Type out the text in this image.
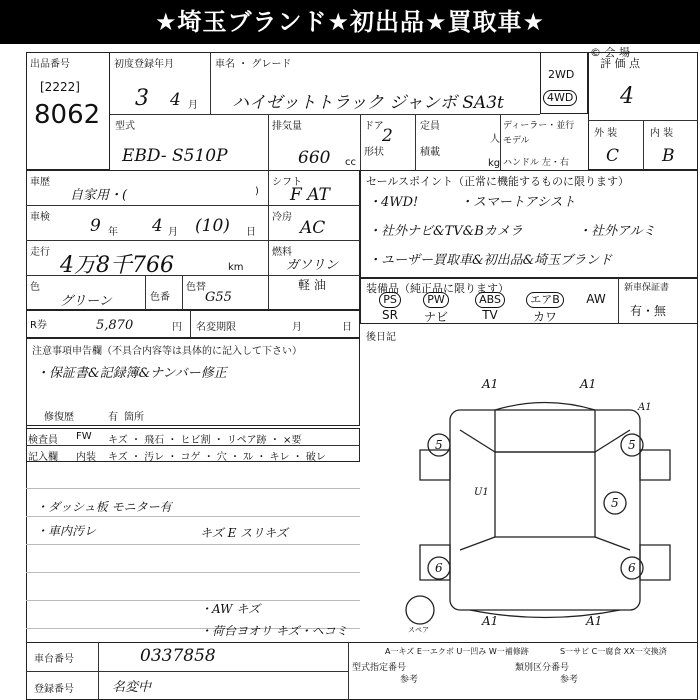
★埼玉ブランド★初出品★買取車★
© 会 場
出品番号
[2222]
8062
初度登録年月
3 4 月
車名 ・ グレード
ハイゼットトラック ジャンボ SA3t
2WD
4WD
評 価 点
4
外 装	内 装
C	B
型式
EBD- S510P
排気量
660 cc
ドア
2
形状
定員
人
積載
kg
ディーラー・並行
モデル
ハンドル 左・右
車歴
自家用・(	)
シフト
F AT
車検 9 年 4 月 (10) 日
冷房
AC
走行
4万8千766	km
燃料
ガソリン
軽 油
色
グリーン	色番
色替
G55
セールスポイント（正常に機能するものに限ります）
・4WD!	・スマートアシスト
・社外ナビ&TV&Bカメラ	・社外アルミ
・ユーザー買取車&初出品&埼玉ブランド
装備品（純正品に限ります）	新車保証書
有・無
PS	PW	ABS	エアB	AW
SR	ナビ	TV	カワ
R券	5,870	円 名変期限	月	日
後日記
注意事項申告欄（不具合内容等は具体的に記入して下さい）
・保証書&記録簿&ナンバー修正
修復歴	有 箇所
検査員 FW キズ ・ 飛石 ・ ヒビ割 ・ リペア跡 ・ ×要
記入欄 内装 キズ ・ 汚レ ・ コゲ ・ 穴 ・ ｽﾚ ・ キレ ・ 破レ
・ダッシュ板 モニター有
・車内汚レ	キズ E スリキズ
・AW キズ
・荷台ヨオリ キズ・ヘコミ
A1	A1
A1	A1
5	5
5
6	6
U1
A1
スペア
車台番号	0337858
登録番号	名変中
A一キズ E一エクボ U一凹み W一補修跡	S一サビ C一腐食 XX一交換済
型式指定番号	類別区分番号
参考	参考
